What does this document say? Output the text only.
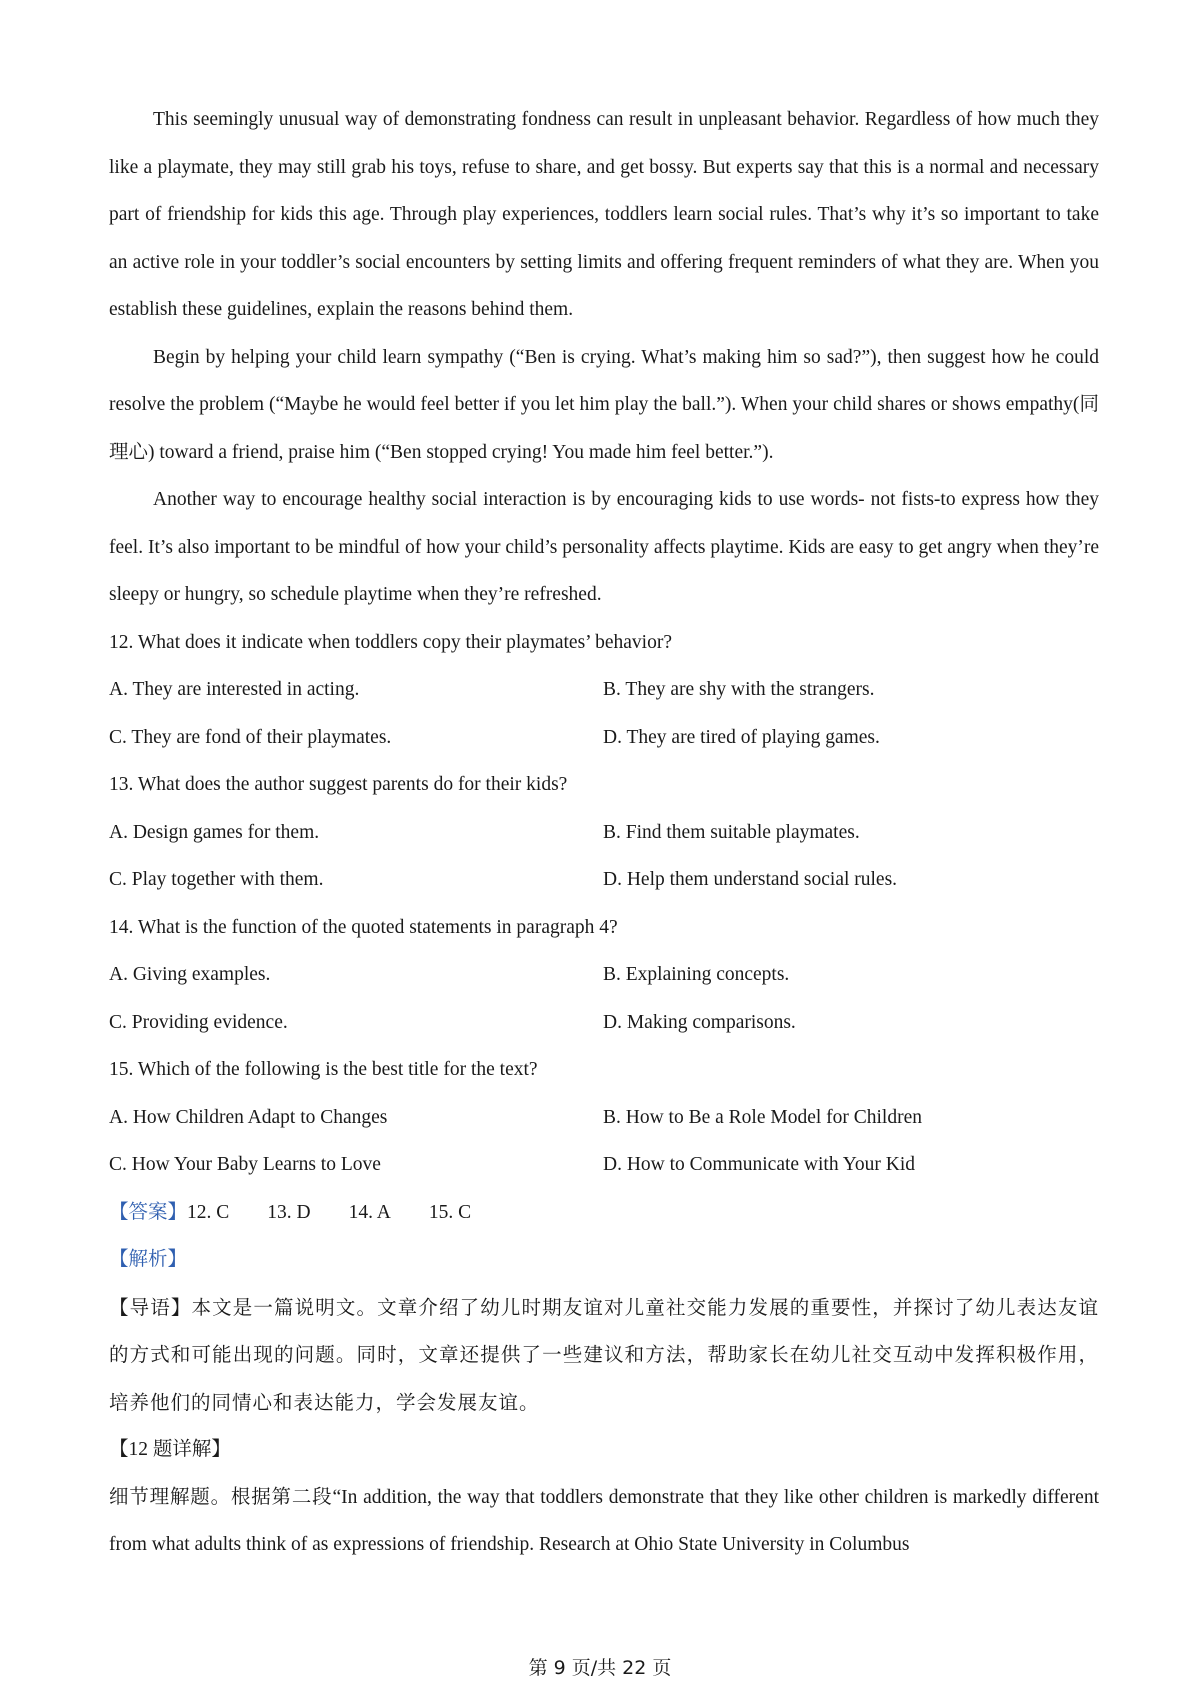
This seemingly unusual way of demonstrating fondness can result in unpleasant behavior. Regardless of how much they like a playmate, they may still grab his toys, refuse to share, and get bossy. But experts say that this is a normal and necessary part of friendship for kids this age. Through play experiences, toddlers learn social rules. That’s why it’s so important to take an active role in your toddler’s social encounters by setting limits and offering frequent reminders of what they are. When you establish these guidelines, explain the reasons behind them.

Begin by helping your child learn sympathy (“Ben is crying. What’s making him so sad?”), then suggest how he could resolve the problem (“Maybe he would feel better if you let him play the ball.”). When your child shares or shows empathy(同理心) toward a friend, praise him (“Ben stopped crying! You made him feel better.”).

Another way to encourage healthy social interaction is by encouraging kids to use words- not fists-to express how they feel. It’s also important to be mindful of how your child’s personality affects playtime. Kids are easy to get angry when they’re sleepy or hungry, so schedule playtime when they’re refreshed.

12. What does it indicate when toddlers copy their playmates’ behavior?
A. They are interested in acting.	B. They are shy with the strangers.
C. They are fond of their playmates.	D. They are tired of playing games.
13. What does the author suggest parents do for their kids?
A. Design games for them.	B. Find them suitable playmates.
C. Play together with them.	D. Help them understand social rules.
14. What is the function of the quoted statements in paragraph 4?
A. Giving examples.	B. Explaining concepts.
C. Providing evidence.	D. Making comparisons.
15. Which of the following is the best title for the text?
A. How Children Adapt to Changes	B. How to Be a Role Model for Children
C. How Your Baby Learns to Love	D. How to Communicate with Your Kid
【答案】12. C 13. D 14. A 15. C
【解析】

【导语】本文是一篇说明文。文章介绍了幼儿时期友谊对儿童社交能力发展的重要性，并探讨了幼儿表达友谊的方式和可能出现的问题。同时，文章还提供了一些建议和方法，帮助家长在幼儿社交互动中发挥积极作用，培养他们的同情心和表达能力，学会发展友谊。

【12 题详解】

细节理解题。根据第二段“In addition, the way that toddlers demonstrate that they like other children is markedly different from what adults think of as expressions of friendship. Research at Ohio State University in Columbus

第 9 页/共 22 页
